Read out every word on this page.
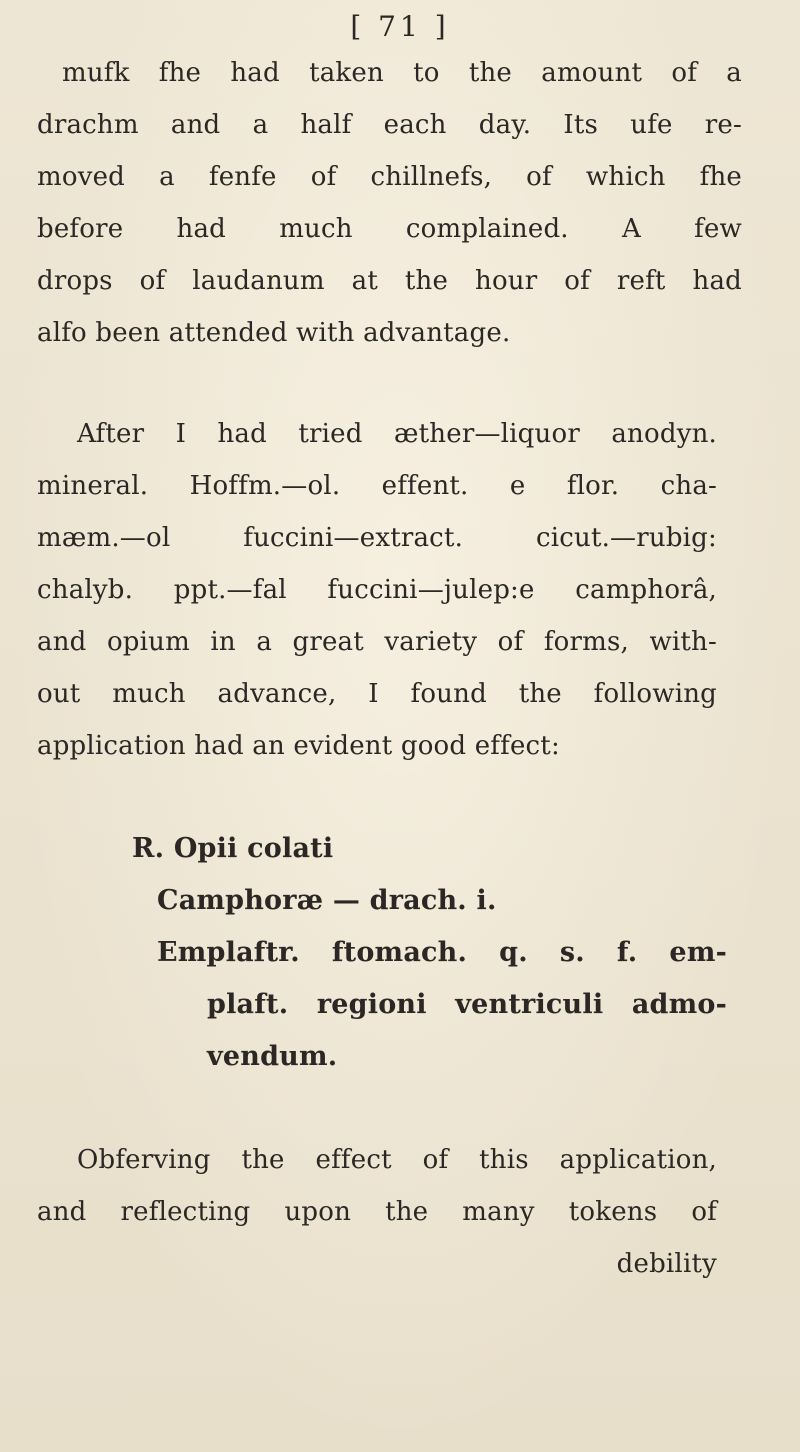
[ 71 ]

mufk fhe had taken to the amount of a

drachm and a half each day. Its ufe re-

moved a fenfe of chillnefs, of which fhe

before had much complained. A few

drops of laudanum at the hour of reft had

alfo been attended with advantage.

After I had tried æther—liquor anodyn.

mineral. Hoffm.—ol. effent. e flor. cha-

mæm.—ol fuccini—extract. cicut.—rubig:

chalyb. ppt.—fal fuccini—julep:e camphorâ,

and opium in a great variety of forms, with-

out much advance, I found the following

application had an evident good effect:

R. Opii colati

Camphoræ — drach. i.

Emplaftr. ftomach. q. s. f. em-

plaft. regioni ventriculi admo-

vendum.

Obferving the effect of this application,

and reflecting upon the many tokens of

debility
